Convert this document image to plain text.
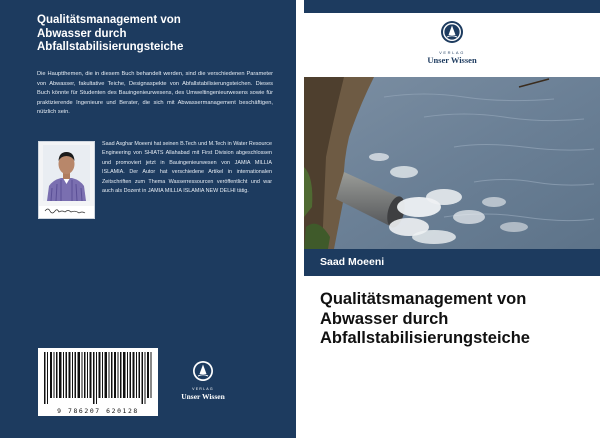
Qualitätsmanagement von
Abwasser durch
Abfallstabilisierungsteiche
Die Hauptthemen, die in diesem Buch behandelt werden, sind die verschiedenen Parameter von Abwasser, fakultative Teiche, Designaspekte von Abfallstabilisierungsteichen. Dieses Buch könnte für Studenten des Bauingenieurwesens, des Umweltingenieurwesens sowie für praktizierende Ingenieure und Berater, die sich mit Abwassermanagement beschäftigen, nützlich sein.
Saad Asghar Moeeni hat seinen B.Tech und M.Tech in Water Resource Engineering von SHIATS Allahabad mit First Division abgeschlossen und promoviert jetzt in Bauingenieurwesen von JAMIA MILLIA ISLAMIA. Der Autor hat verschiedene Artikel in internationalen Zeitschriften zum Thema Wasserressourcen veröffentlicht und war auch als Dozent in JAMIA MILLIA ISLAMIA NEW DELHI tätig.
9 786207 620128
VERLAG
Unser Wissen
VERLAG
Unser Wissen
Saad Moeeni
Qualitätsmanagement von
Abwasser durch
Abfallstabilisierungsteiche
